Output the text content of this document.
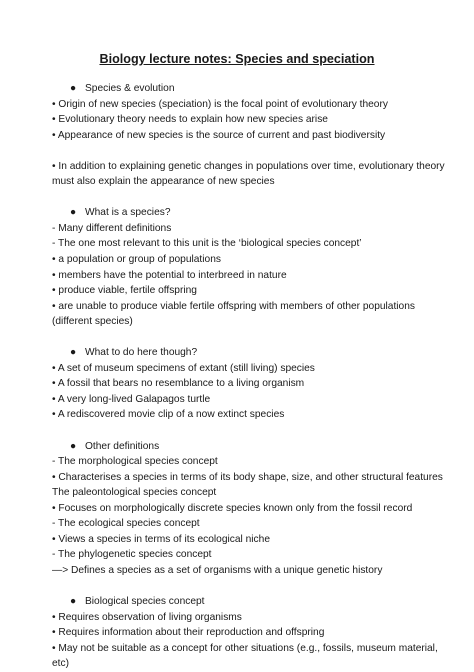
Biology lecture notes: Species and speciation
● Species & evolution
• Origin of new species (speciation) is the focal point of evolutionary theory
• Evolutionary theory needs to explain how new species arise
• Appearance of new species is the source of current and past biodiversity
• In addition to explaining genetic changes in populations over time, evolutionary theory
must also explain the appearance of new species
● What is a species?
- Many different definitions
- The one most relevant to this unit is the ‘biological species concept’
• a population or group of populations
• members have the potential to interbreed in nature
• produce viable, fertile offspring
• are unable to produce viable fertile offspring with members of other populations
(different species)
● What to do here though?
• A set of museum specimens of extant (still living) species
• A fossil that bears no resemblance to a living organism
• A very long-lived Galapagos turtle
• A rediscovered movie clip of a now extinct species
● Other definitions
- The morphological species concept
• Characterises a species in terms of its body shape, size, and other structural features
The paleontological species concept
• Focuses on morphologically discrete species known only from the fossil record
- The ecological species concept
• Views a species in terms of its ecological niche
- The phylogenetic species concept
—> Defines a species as a set of organisms with a unique genetic history
● Biological species concept
• Requires observation of living organisms
• Requires information about their reproduction and offspring
• May not be suitable as a concept for other situations (e.g., fossils, museum material,
etc)
